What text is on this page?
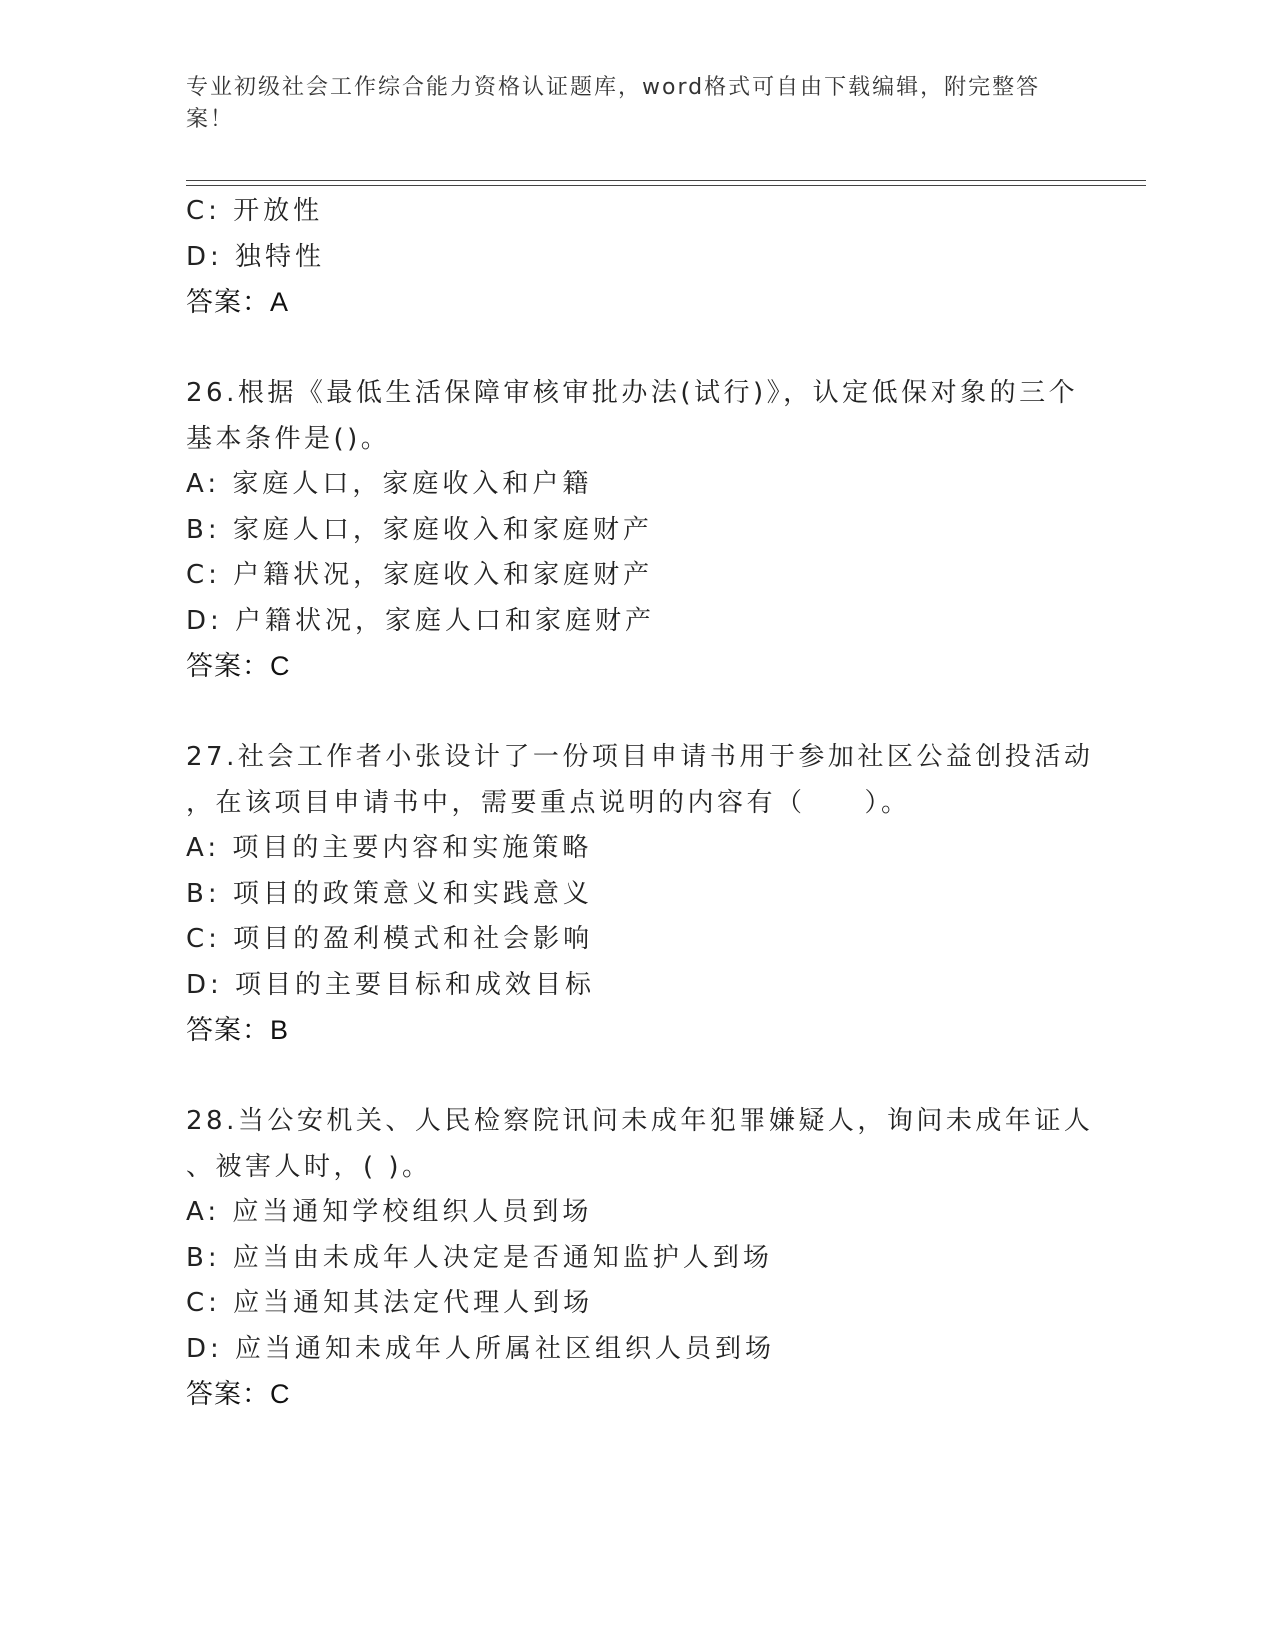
专业初级社会工作综合能力资格认证题库，word格式可自由下载编辑，附完整答
案！
C: 开放性
D: 独特性
答案：A
26.根据《最低生活保障审核审批办法(试行)》，认定低保对象的三个
基本条件是()。
A: 家庭人口，家庭收入和户籍
B: 家庭人口，家庭收入和家庭财产
C: 户籍状况，家庭收入和家庭财产
D: 户籍状况，家庭人口和家庭财产
答案：C
27.社会工作者小张设计了一份项目申请书用于参加社区公益创投活动
，在该项目申请书中，需要重点说明的内容有（　　）。
A: 项目的主要内容和实施策略
B: 项目的政策意义和实践意义
C: 项目的盈利模式和社会影响
D: 项目的主要目标和成效目标
答案：B
28.当公安机关、人民检察院讯问未成年犯罪嫌疑人，询问未成年证人
、被害人时，( )。
A: 应当通知学校组织人员到场
B: 应当由未成年人决定是否通知监护人到场
C: 应当通知其法定代理人到场
D: 应当通知未成年人所属社区组织人员到场
答案：C
